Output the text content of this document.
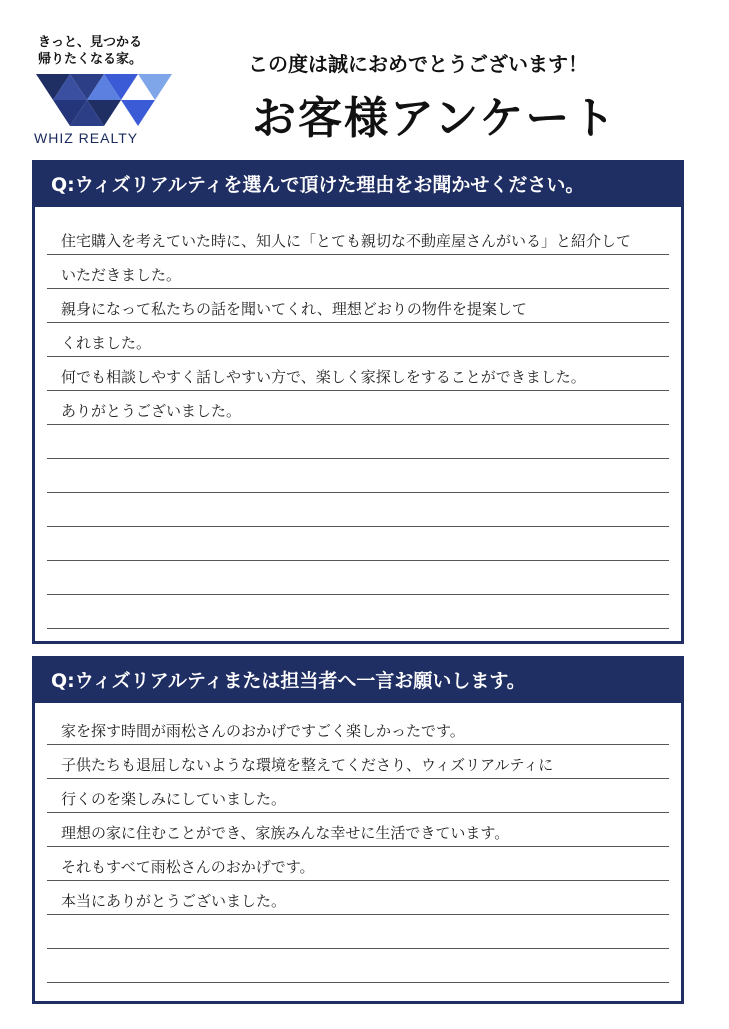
きっと、見つかる
帰りたくなる家。
WHIZ REALTY
この度は誠におめでとうございます！
お客様アンケート
Q:ウィズリアルティを選んで頂けた理由をお聞かせください。
住宅購入を考えていた時に、知人に「とても親切な不動産屋さんがいる」と紹介して
いただきました。
親身になって私たちの話を聞いてくれ、理想どおりの物件を提案して
くれました。
何でも相談しやすく話しやすい方で、楽しく家探しをすることができました。
ありがとうございました。
Q:ウィズリアルティまたは担当者へ一言お願いします。
家を探す時間が雨松さんのおかげですごく楽しかったです。
子供たちも退屈しないような環境を整えてくださり、ウィズリアルティに
行くのを楽しみにしていました。
理想の家に住むことができ、家族みんな幸せに生活できています。
それもすべて雨松さんのおかげです。
本当にありがとうございました。
